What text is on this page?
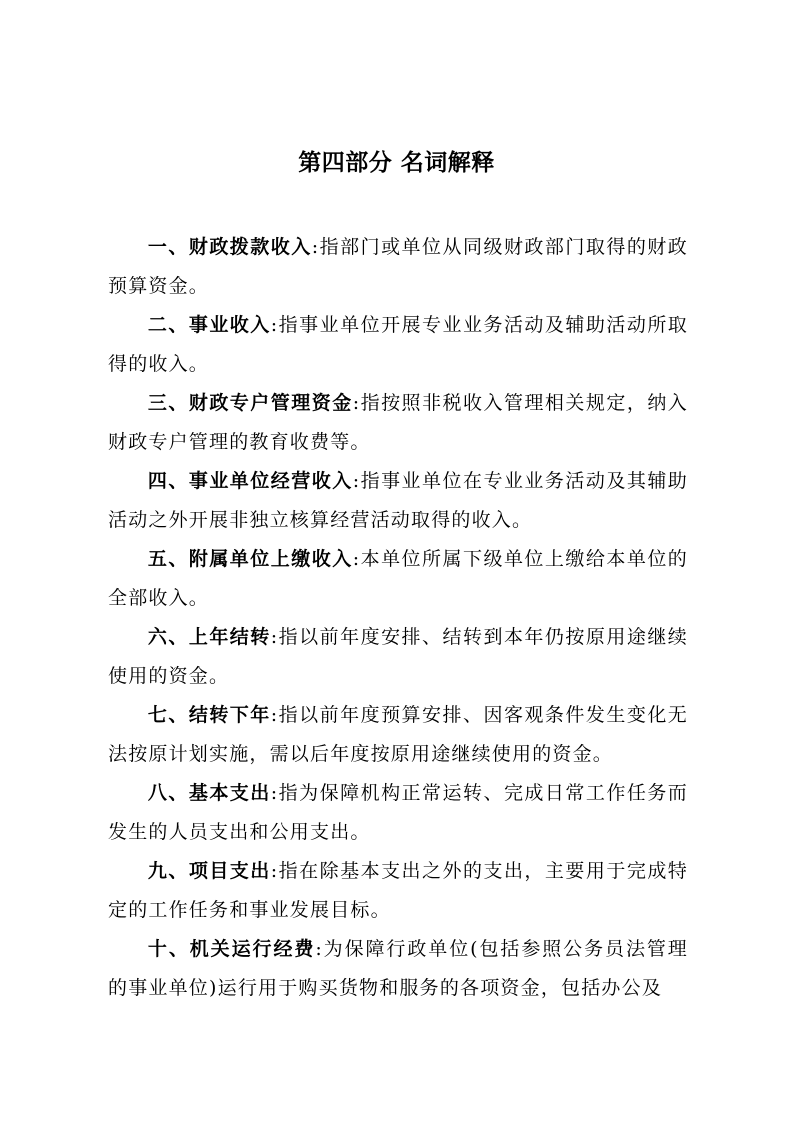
第四部分 名词解释

一、财政拨款收入:指部门或单位从同级财政部门取得的财政预算资金。

二、事业收入:指事业单位开展专业业务活动及辅助活动所取得的收入。

三、财政专户管理资金:指按照非税收入管理相关规定，纳入财政专户管理的教育收费等。

四、事业单位经营收入:指事业单位在专业业务活动及其辅助活动之外开展非独立核算经营活动取得的收入。

五、附属单位上缴收入:本单位所属下级单位上缴给本单位的全部收入。

六、上年结转:指以前年度安排、结转到本年仍按原用途继续使用的资金。

七、结转下年:指以前年度预算安排、因客观条件发生变化无法按原计划实施，需以后年度按原用途继续使用的资金。

八、基本支出:指为保障机构正常运转、完成日常工作任务而发生的人员支出和公用支出。

九、项目支出:指在除基本支出之外的支出，主要用于完成特定的工作任务和事业发展目标。

十、机关运行经费:为保障行政单位(包括参照公务员法管理的事业单位)运行用于购买货物和服务的各项资金，包括办公及
